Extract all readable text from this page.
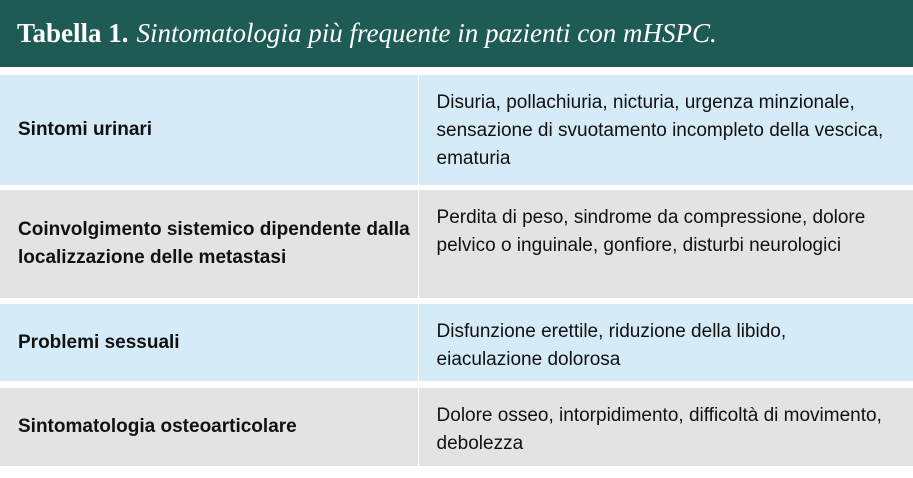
Tabella 1. Sintomatologia più frequente in pazienti con mHSPC.
Sintomi urinari
Disuria, pollachiuria, nicturia, urgenza minzionale, sensazione di svuotamento incompleto della vescica, ematuria
Coinvolgimento sistemico dipendente dalla localizzazione delle metastasi
Perdita di peso, sindrome da compressione, dolore pelvico o inguinale, gonfiore, disturbi neurologici
Problemi sessuali	Disfunzione erettile, riduzione della libido, eiaculazione dolorosa
Sintomatologia osteoarticolare
Dolore osseo, intorpidimento, difficoltà di movimento, debolezza
